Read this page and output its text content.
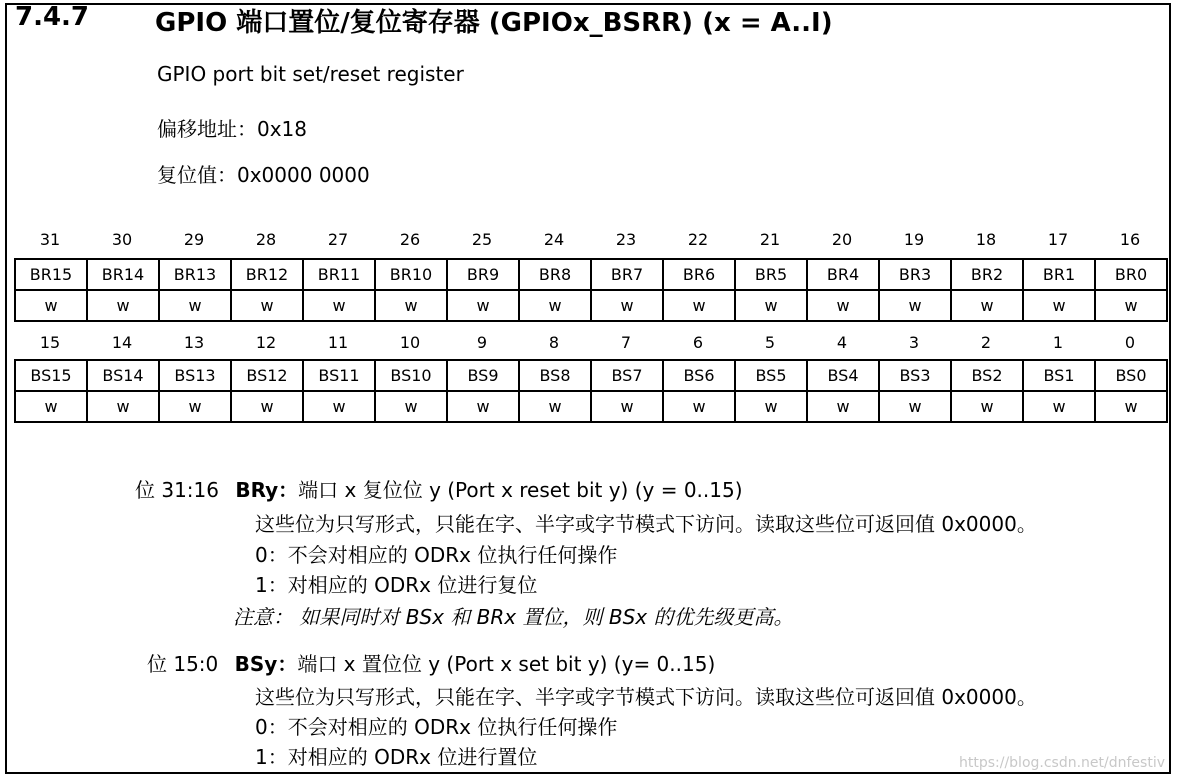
7.4.7	GPIO 端口置位/复位寄存器 (GPIOx_BSRR) (x = A..I)
GPIO port bit set/reset register
偏移地址：0x18
复位值：0x0000 0000
31	30	29	28	27	26	25	24	23	22	21	20	19	18	17	16
BR15	BR14	BR13	BR12	BR11	BR10	BR9	BR8	BR7	BR6	BR5	BR4	BR3	BR2	BR1	BR0
w	w	w	w	w	w	w	w	w	w	w	w	w	w	w	w
15	14	13	12	11	10	9	8	7	6	5	4	3	2	1	0
BS15	BS14	BS13	BS12	BS11	BS10	BS9	BS8	BS7	BS6	BS5	BS4	BS3	BS2	BS1	BS0
w	w	w	w	w	w	w	w	w	w	w	w	w	w	w	w
位 31:16 BRy：端口 x 复位位 y (Port x reset bit y) (y = 0..15)
这些位为只写形式，只能在字、半字或字节模式下访问。读取这些位可返回值 0x0000。
0：不会对相应的 ODRx 位执行任何操作
1：对相应的 ODRx 位进行复位
注意： 如果同时对 BSx 和 BRx 置位，则 BSx 的优先级更高。
位 15:0 BSy：端口 x 置位位 y (Port x set bit y) (y= 0..15)
这些位为只写形式，只能在字、半字或字节模式下访问。读取这些位可返回值 0x0000。
0：不会对相应的 ODRx 位执行任何操作
1：对相应的 ODRx 位进行置位	https://blog.csdn.net/dnfestiv
